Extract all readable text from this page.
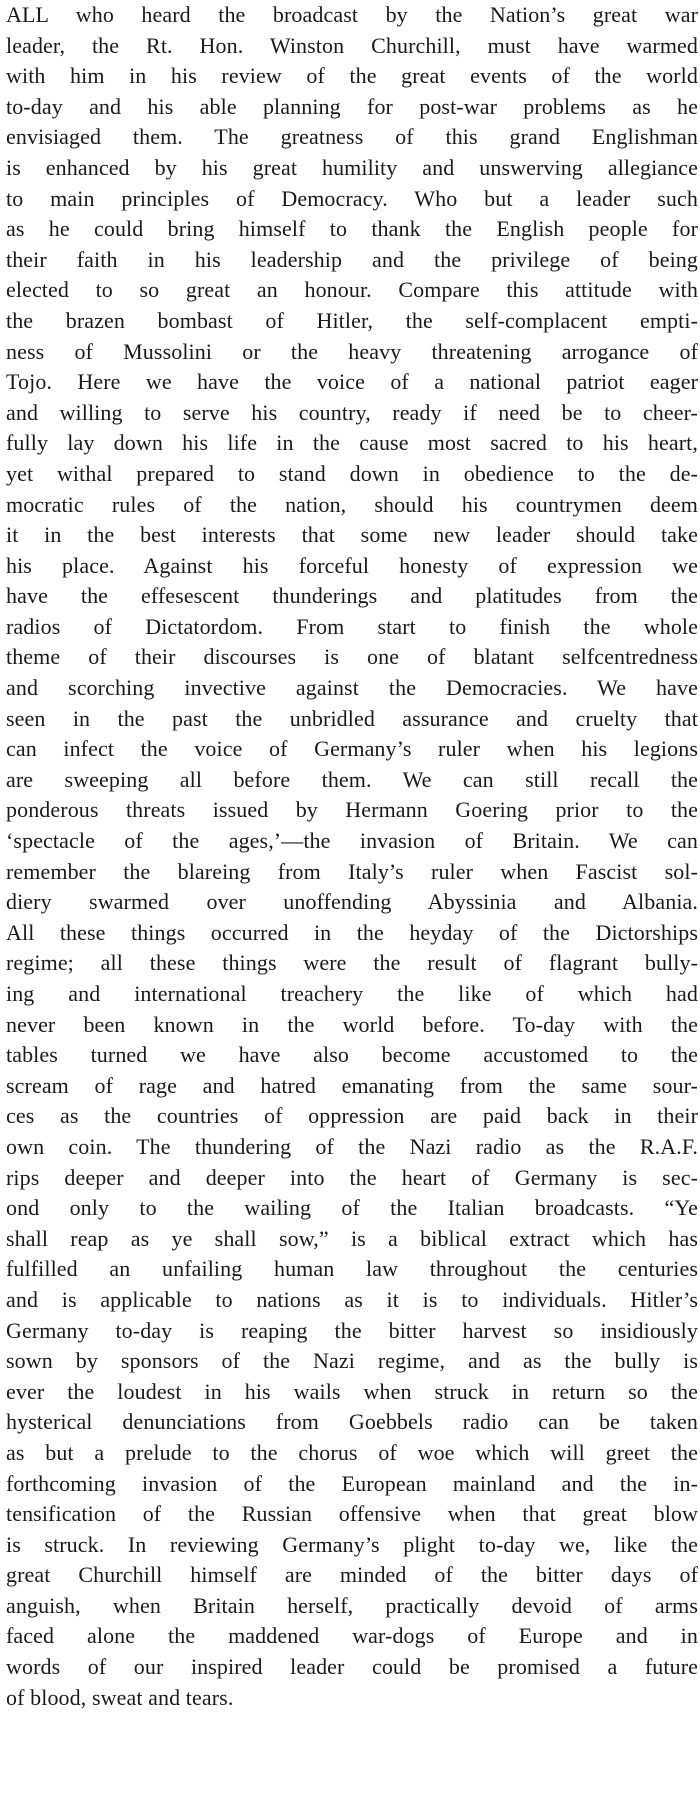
ALL who heard the broadcast by the Nation’s great war
leader, the Rt. Hon. Winston Churchill, must have warmed
with him in his review of the great events of the world
to-day and his able planning for post-war problems as he
envisiaged them. The greatness of this grand Englishman
is enhanced by his great humility and unswerving allegiance
to main principles of Democracy. Who but a leader such
as he could bring himself to thank the English people for
their faith in his leadership and the privilege of being
elected to so great an honour. Compare this attitude with
the brazen bombast of Hitler, the self-complacent empti-
ness of Mussolini or the heavy threatening arrogance of
Tojo. Here we have the voice of a national patriot eager
and willing to serve his country, ready if need be to cheer-
fully lay down his life in the cause most sacred to his heart,
yet withal prepared to stand down in obedience to the de-
mocratic rules of the nation, should his countrymen deem
it in the best interests that some new leader should take
his place. Against his forceful honesty of expression we
have the effesescent thunderings and platitudes from the
radios of Dictatordom. From start to finish the whole
theme of their discourses is one of blatant selfcentredness
and scorching invective against the Democracies. We have
seen in the past the unbridled assurance and cruelty that
can infect the voice of Germany’s ruler when his legions
are sweeping all before them. We can still recall the
ponderous threats issued by Hermann Goering prior to the
‘spectacle of the ages,’—the invasion of Britain. We can
remember the blareing from Italy’s ruler when Fascist sol-
diery swarmed over unoffending Abyssinia and Albania.
All these things occurred in the heyday of the Dictorships
regime; all these things were the result of flagrant bully-
ing and international treachery the like of which had
never been known in the world before. To-day with the
tables turned we have also become accustomed to the
scream of rage and hatred emanating from the same sour-
ces as the countries of oppression are paid back in their
own coin. The thundering of the Nazi radio as the R.A.F.
rips deeper and deeper into the heart of Germany is sec-
ond only to the wailing of the Italian broadcasts. “Ye
shall reap as ye shall sow,” is a biblical extract which has
fulfilled an unfailing human law throughout the centuries
and is applicable to nations as it is to individuals. Hitler’s
Germany to-day is reaping the bitter harvest so insidiously
sown by sponsors of the Nazi regime, and as the bully is
ever the loudest in his wails when struck in return so the
hysterical denunciations from Goebbels radio can be taken
as but a prelude to the chorus of woe which will greet the
forthcoming invasion of the European mainland and the in-
tensification of the Russian offensive when that great blow
is struck. In reviewing Germany’s plight to-day we, like the
great Churchill himself are minded of the bitter days of
anguish, when Britain herself, practically devoid of arms
faced alone the maddened war-dogs of Europe and in
words of our inspired leader could be promised a future
of blood, sweat and tears.
